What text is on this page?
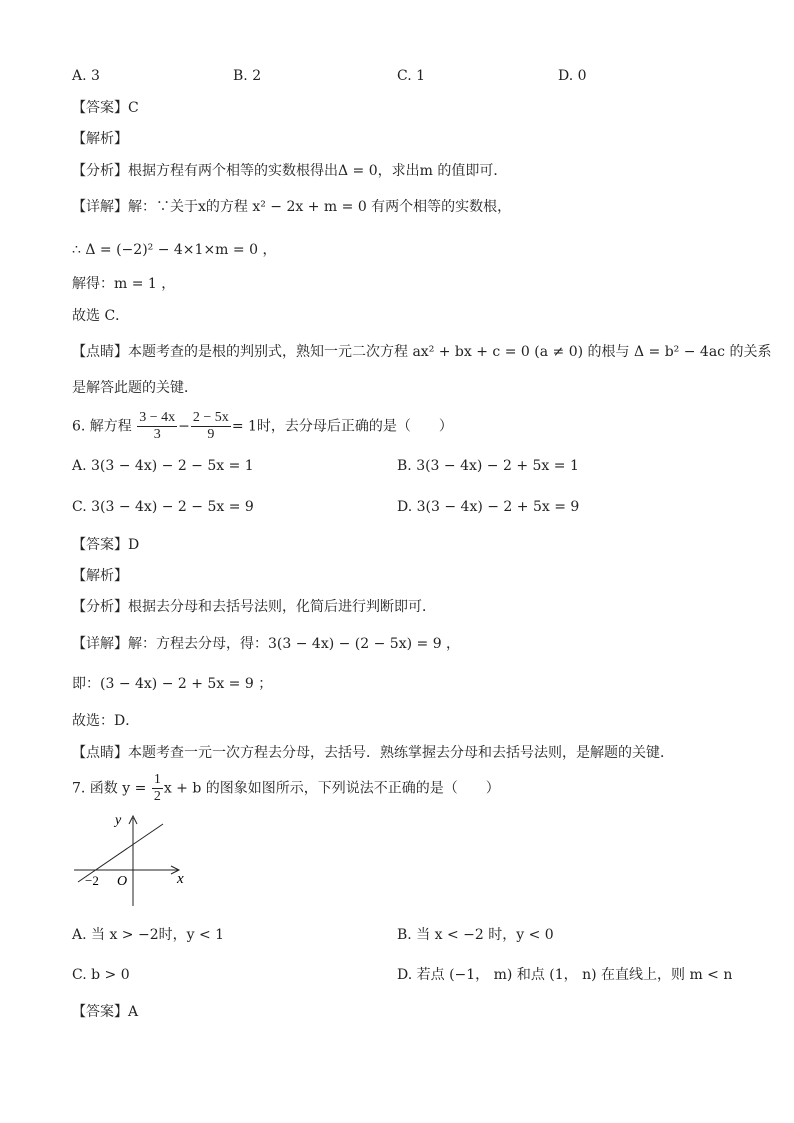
A. 3	B. 2	C. 1	D. 0
【答案】C
【解析】
【分析】根据方程有两个相等的实数根得出Δ = 0，求出m 的值即可．
【详解】解：∵关于x的方程 x² − 2x + m = 0 有两个相等的实数根，
∴ Δ = (−2)² − 4×1×m = 0 ，
解得：m = 1 ，
故选 C．
【点睛】本题考查的是根的判别式，熟知一元二次方程 ax² + bx + c = 0 (a ≠ 0) 的根与 Δ = b² − 4ac 的关系
是解答此题的关键．
6. 解方程 $\frac{3 - 4x}{3} - \frac{2 - 5x}{9} = 1$时，去分母后正确的是（　　）
A. 3(3 − 4x) − 2 − 5x = 1	B. 3(3 − 4x) − 2 + 5x = 1
C. 3(3 − 4x) − 2 − 5x = 9	D. 3(3 − 4x) − 2 + 5x = 9
【答案】D
【解析】
【分析】根据去分母和去括号法则，化简后进行判断即可．
【详解】解：方程去分母，得：3(3 − 4x) − (2 − 5x) = 9 ，
即：(3 − 4x) − 2 + 5x = 9 ；
故选：D．
【点睛】本题考查一元一次方程去分母，去括号．熟练掌握去分母和去括号法则，是解题的关键．
7. 函数 $y = \frac{1}{2}$ x + b 的图象如图所示，下列说法不正确的是（　　）
y
x
O
−2
A. 当 x > −2时，y < 1	B. 当 x < −2 时，y < 0
C. b > 0	D. 若点 (−1， m) 和点 (1， n) 在直线上，则 m < n
【答案】A
